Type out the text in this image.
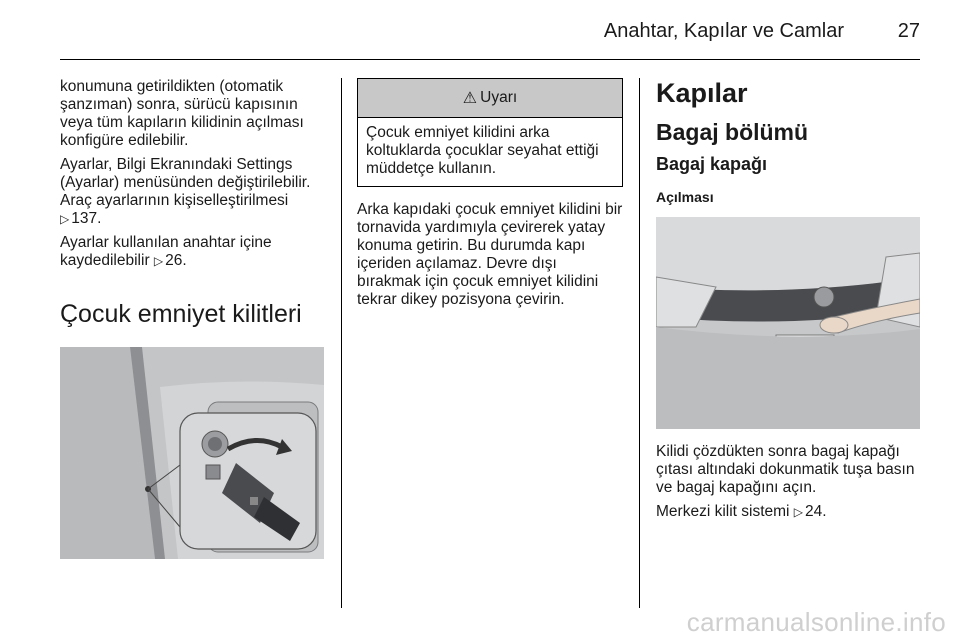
Anahtar, Kapılar ve Camlar	27

konumuna getirildikten (otomatik şanzıman) sonra, sürücü kapısının veya tüm kapıların kilidinin açılması konfigüre edilebilir.

Ayarlar, Bilgi Ekranındaki Settings (Ayarlar) menüsünden değiştirilebilir. Araç ayarlarının kişiselleştirilmesi
▷ 137.

Ayarlar kullanılan anahtar içine kaydedilebilir ▷ 26.

Çocuk emniyet kilitleri
⚠ Uyarı
Çocuk emniyet kilidini arka koltuklarda çocuklar seyahat ettiği müddetçe kullanın.

Arka kapıdaki çocuk emniyet kilidini bir tornavida yardımıyla çevirerek yatay konuma getirin. Bu durumda kapı içeriden açılamaz. Devre dışı bırakmak için çocuk emniyet kilidini tekrar dikey pozisyona çevirin.

Kapılar
Bagaj bölümü
Bagaj kapağı
Açılması

Kilidi çözdükten sonra bagaj kapağı çıtası altındaki dokunmatik tuşa basın ve bagaj kapağını açın.

Merkezi kilit sistemi ▷ 24.

carmanualsonline.info
